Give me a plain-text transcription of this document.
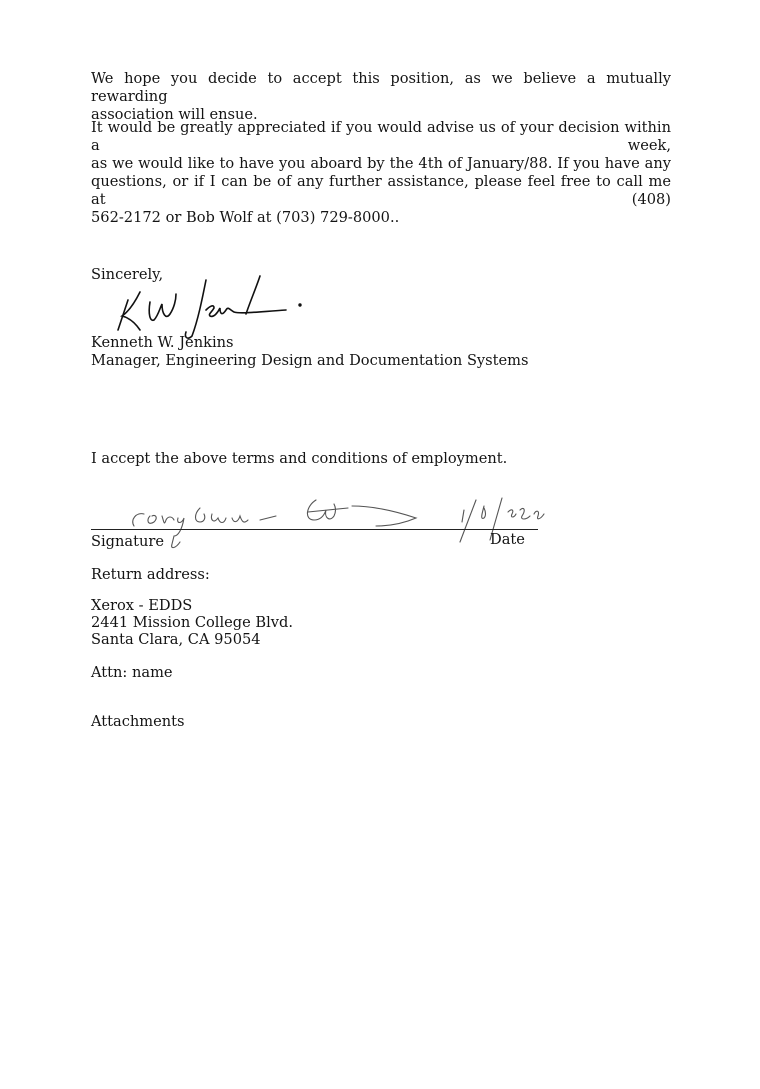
We hope you decide to accept this position, as we believe a mutually rewarding
association will ensue.
It would be greatly appreciated if you would advise us of your decision within a week,
as we would like to have you aboard by the 4th of January/88. If you have any
questions, or if I can be of any further assistance, please feel free to call me at (408)
562-2172 or Bob Wolf at (703) 729-8000..
Sincerely,
Kenneth W. Jenkins
Manager, Engineering Design and Documentation Systems
I accept the above terms and conditions of employment.
Signature	Date
Return address:
Xerox - EDDS
2441 Mission College Blvd.
Santa Clara, CA 95054
Attn: name
Attachments
